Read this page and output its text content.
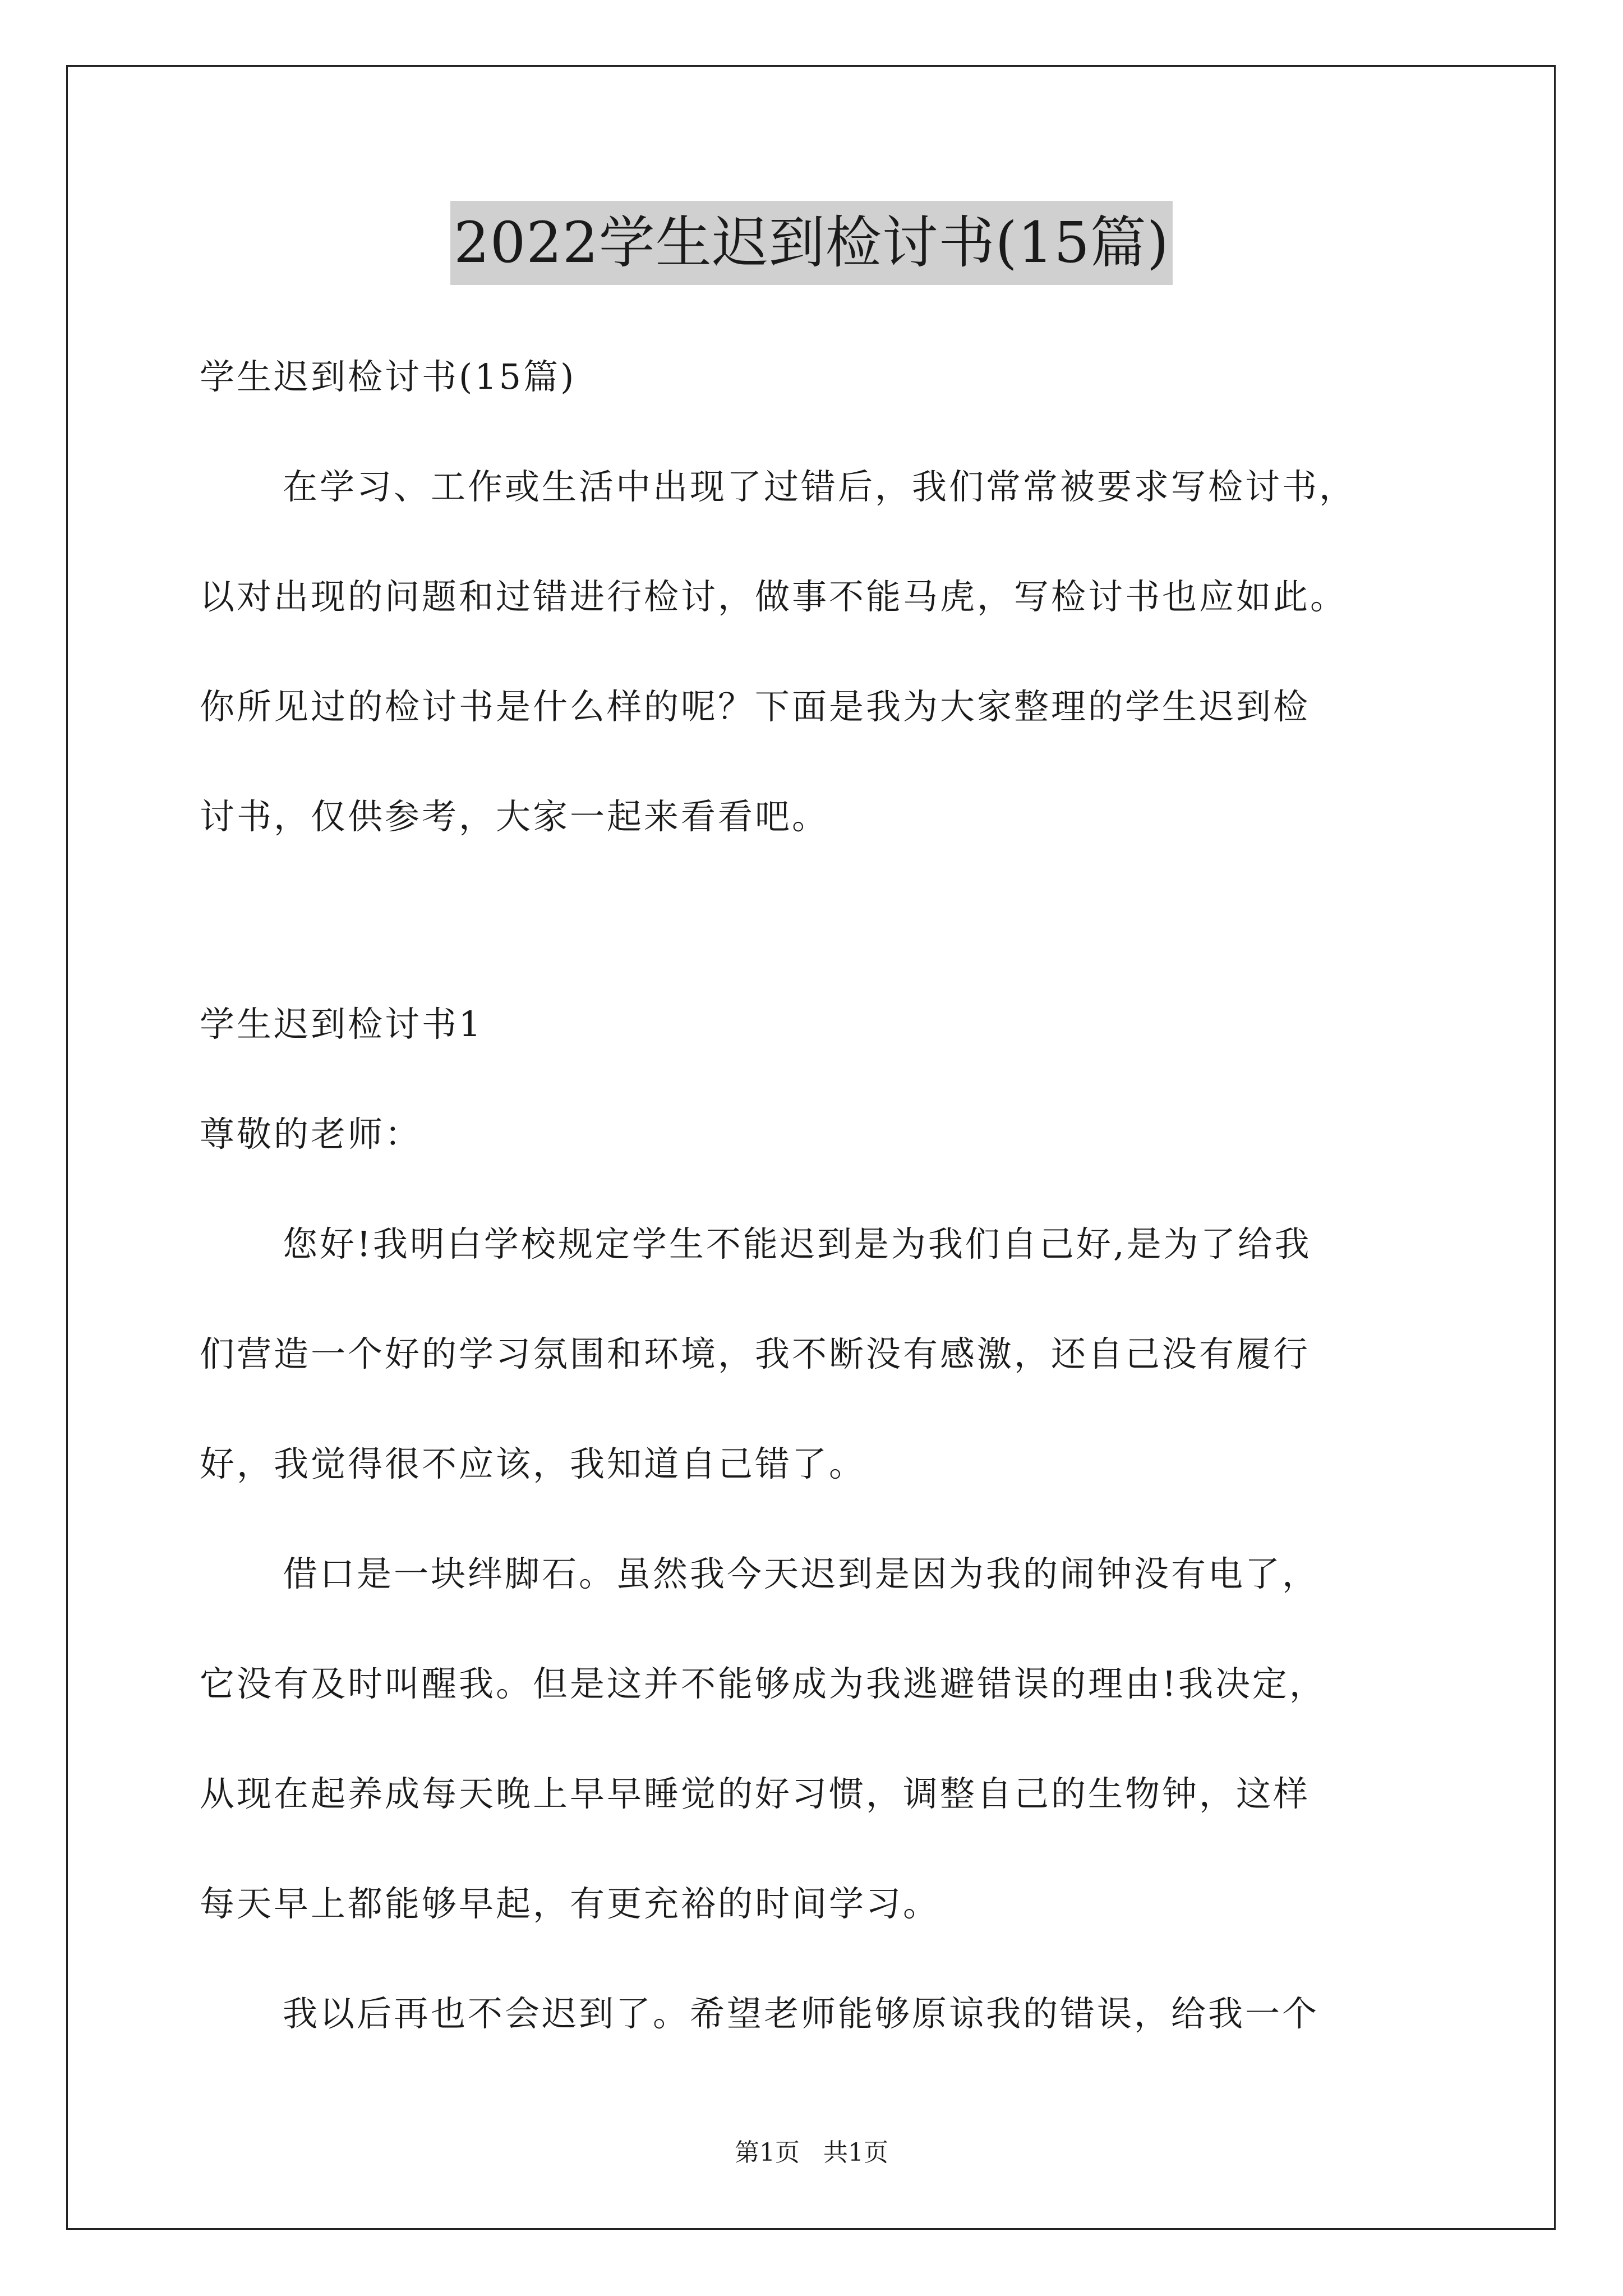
2022学生迟到检讨书(15篇)
学生迟到检讨书(15篇)
在学习、工作或生活中出现了过错后，我们常常被要求写检讨书，
以对出现的问题和过错进行检讨，做事不能马虎，写检讨书也应如此。
你所见过的检讨书是什么样的呢？下面是我为大家整理的学生迟到检
讨书，仅供参考，大家一起来看看吧。
学生迟到检讨书1
尊敬的老师：
您好!我明白学校规定学生不能迟到是为我们自己好,是为了给我
们营造一个好的学习氛围和环境，我不断没有感激，还自己没有履行
好，我觉得很不应该，我知道自己错了。
借口是一块绊脚石。虽然我今天迟到是因为我的闹钟没有电了，
它没有及时叫醒我。但是这并不能够成为我逃避错误的理由!我决定，
从现在起养成每天晚上早早睡觉的好习惯，调整自己的生物钟，这样
每天早上都能够早起，有更充裕的时间学习。
我以后再也不会迟到了。希望老师能够原谅我的错误，给我一个
第1页   共1页
